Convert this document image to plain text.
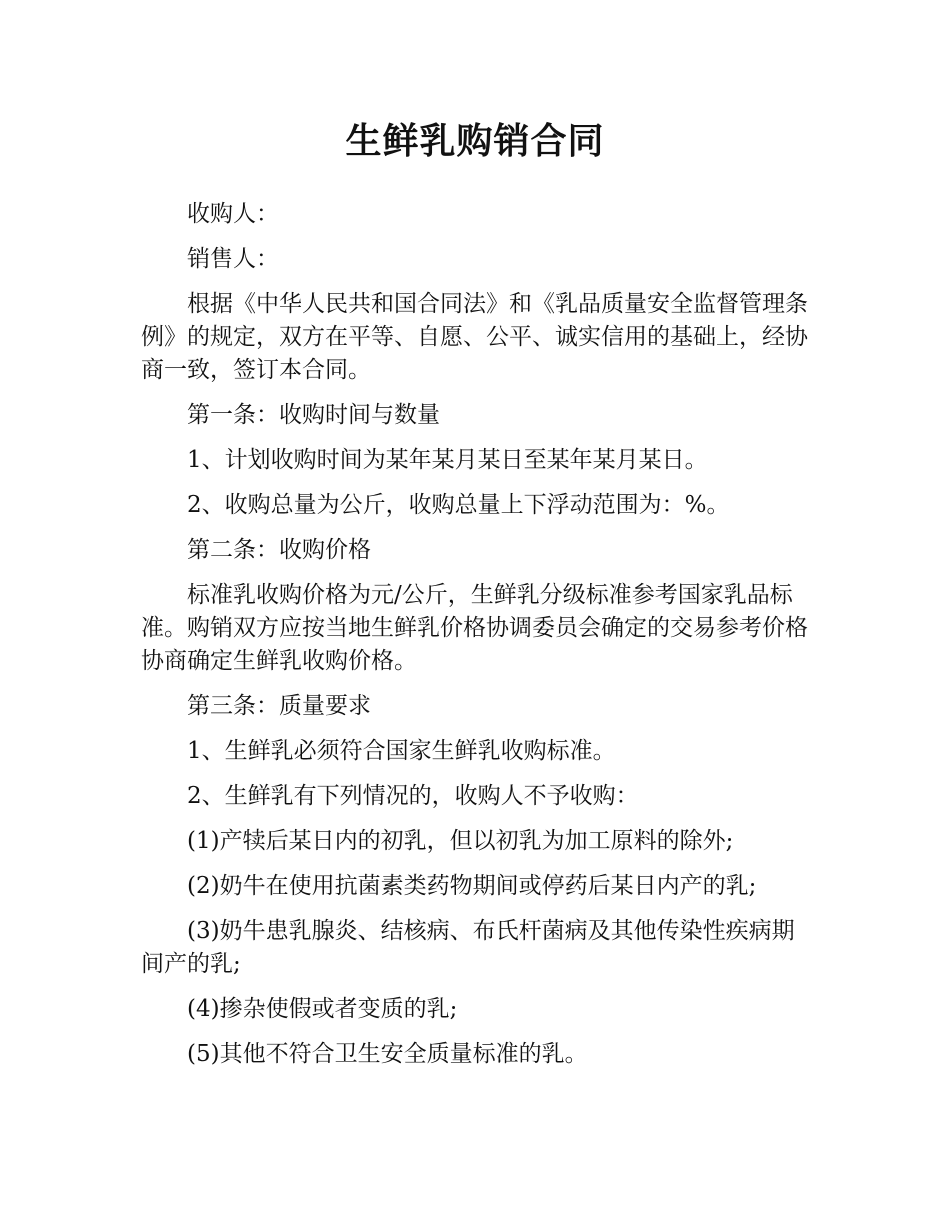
生鲜乳购销合同

收购人：

销售人：

根据《中华人民共和国合同法》和《乳品质量安全监督管理条例》的规定，双方在平等、自愿、公平、诚实信用的基础上，经协商一致，签订本合同。

第一条：收购时间与数量

1、计划收购时间为某年某月某日至某年某月某日。

2、收购总量为公斤，收购总量上下浮动范围为：%。

第二条：收购价格

标准乳收购价格为元/公斤，生鲜乳分级标准参考国家乳品标准。购销双方应按当地生鲜乳价格协调委员会确定的交易参考价格协商确定生鲜乳收购价格。

第三条：质量要求

1、生鲜乳必须符合国家生鲜乳收购标准。

2、生鲜乳有下列情况的，收购人不予收购：

(1)产犊后某日内的初乳，但以初乳为加工原料的除外;

(2)奶牛在使用抗菌素类药物期间或停药后某日内产的乳;

(3)奶牛患乳腺炎、结核病、布氏杆菌病及其他传染性疾病期间产的乳;

(4)掺杂使假或者变质的乳;

(5)其他不符合卫生安全质量标准的乳。
